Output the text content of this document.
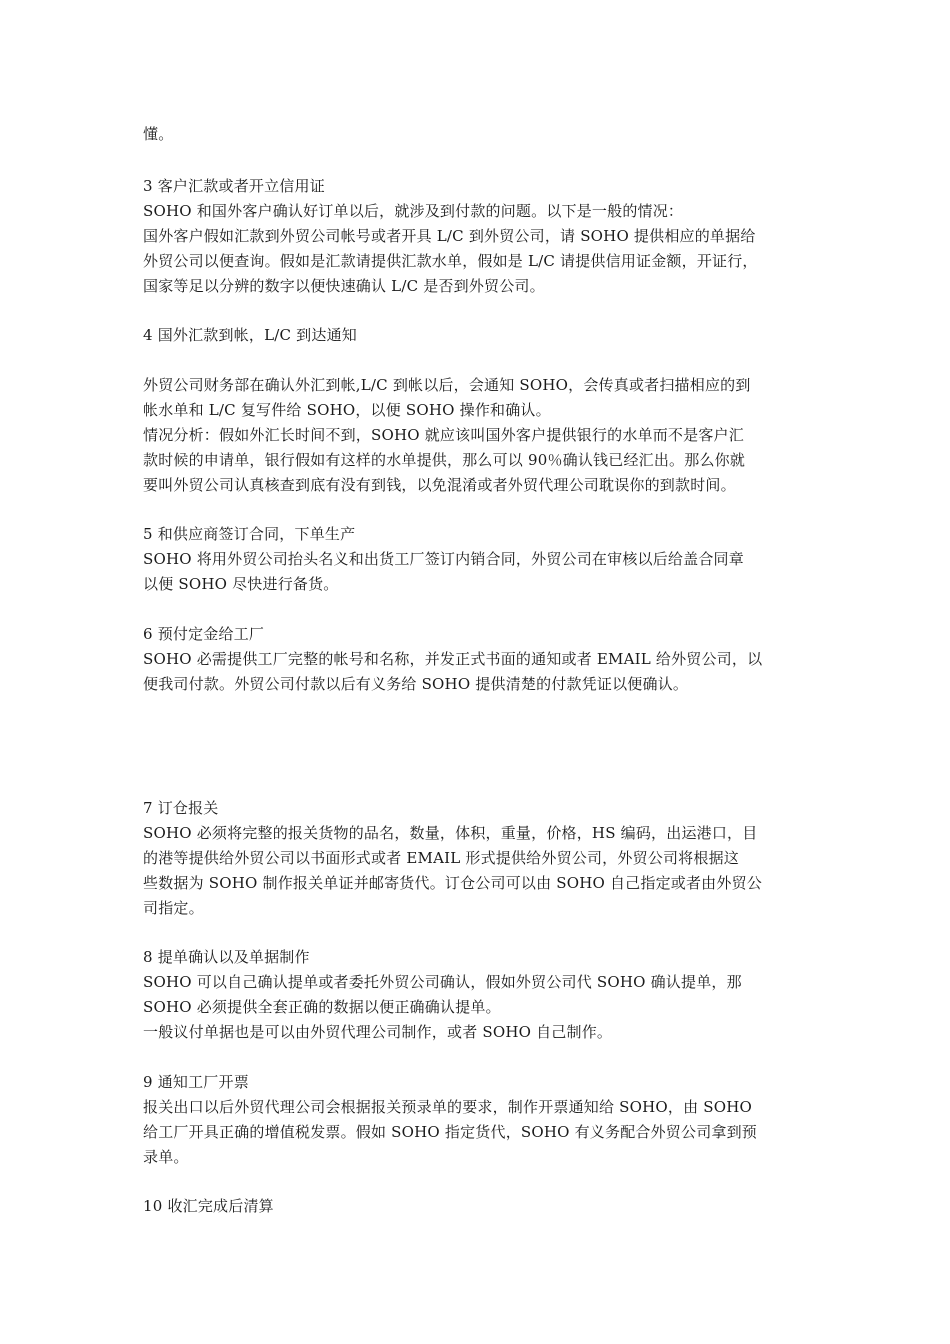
懂。
3 客户汇款或者开立信用证
SOHO 和国外客户确认好订单以后，就涉及到付款的问题。以下是一般的情况：
国外客户假如汇款到外贸公司帐号或者开具 L/C 到外贸公司，请 SOHO 提供相应的单据给
外贸公司以便查询。假如是汇款请提供汇款水单，假如是 L/C 请提供信用证金额，开证行，
国家等足以分辨的数字以便快速确认 L/C 是否到外贸公司。
4 国外汇款到帐，L/C 到达通知
外贸公司财务部在确认外汇到帐,L/C 到帐以后，会通知 SOHO，会传真或者扫描相应的到
帐水单和 L/C 复写件给 SOHO，以便 SOHO 操作和确认。
情况分析：假如外汇长时间不到，SOHO 就应该叫国外客户提供银行的水单而不是客户汇
款时候的申请单，银行假如有这样的水单提供，那么可以 90％确认钱已经汇出。那么你就
要叫外贸公司认真核查到底有没有到钱，以免混淆或者外贸代理公司耽误你的到款时间。
5 和供应商签订合同，下单生产
SOHO 将用外贸公司抬头名义和出货工厂签订内销合同，外贸公司在审核以后给盖合同章
以便 SOHO 尽快进行备货。
6 预付定金给工厂
SOHO 必需提供工厂完整的帐号和名称，并发正式书面的通知或者 EMAIL 给外贸公司，以
便我司付款。外贸公司付款以后有义务给 SOHO 提供清楚的付款凭证以便确认。
7 订仓报关
SOHO 必须将完整的报关货物的品名，数量，体积，重量，价格，HS 编码，出运港口，目
的港等提供给外贸公司以书面形式或者 EMAIL 形式提供给外贸公司，外贸公司将根据这
些数据为 SOHO 制作报关单证并邮寄货代。订仓公司可以由 SOHO 自己指定或者由外贸公
司指定。
8 提单确认以及单据制作
SOHO 可以自己确认提单或者委托外贸公司确认，假如外贸公司代 SOHO 确认提单，那
SOHO 必须提供全套正确的数据以便正确确认提单。
一般议付单据也是可以由外贸代理公司制作，或者 SOHO 自己制作。
9 通知工厂开票
报关出口以后外贸代理公司会根据报关预录单的要求，制作开票通知给 SOHO，由 SOHO
给工厂开具正确的增值税发票。假如 SOHO 指定货代，SOHO 有义务配合外贸公司拿到预
录单。
10 收汇完成后清算
